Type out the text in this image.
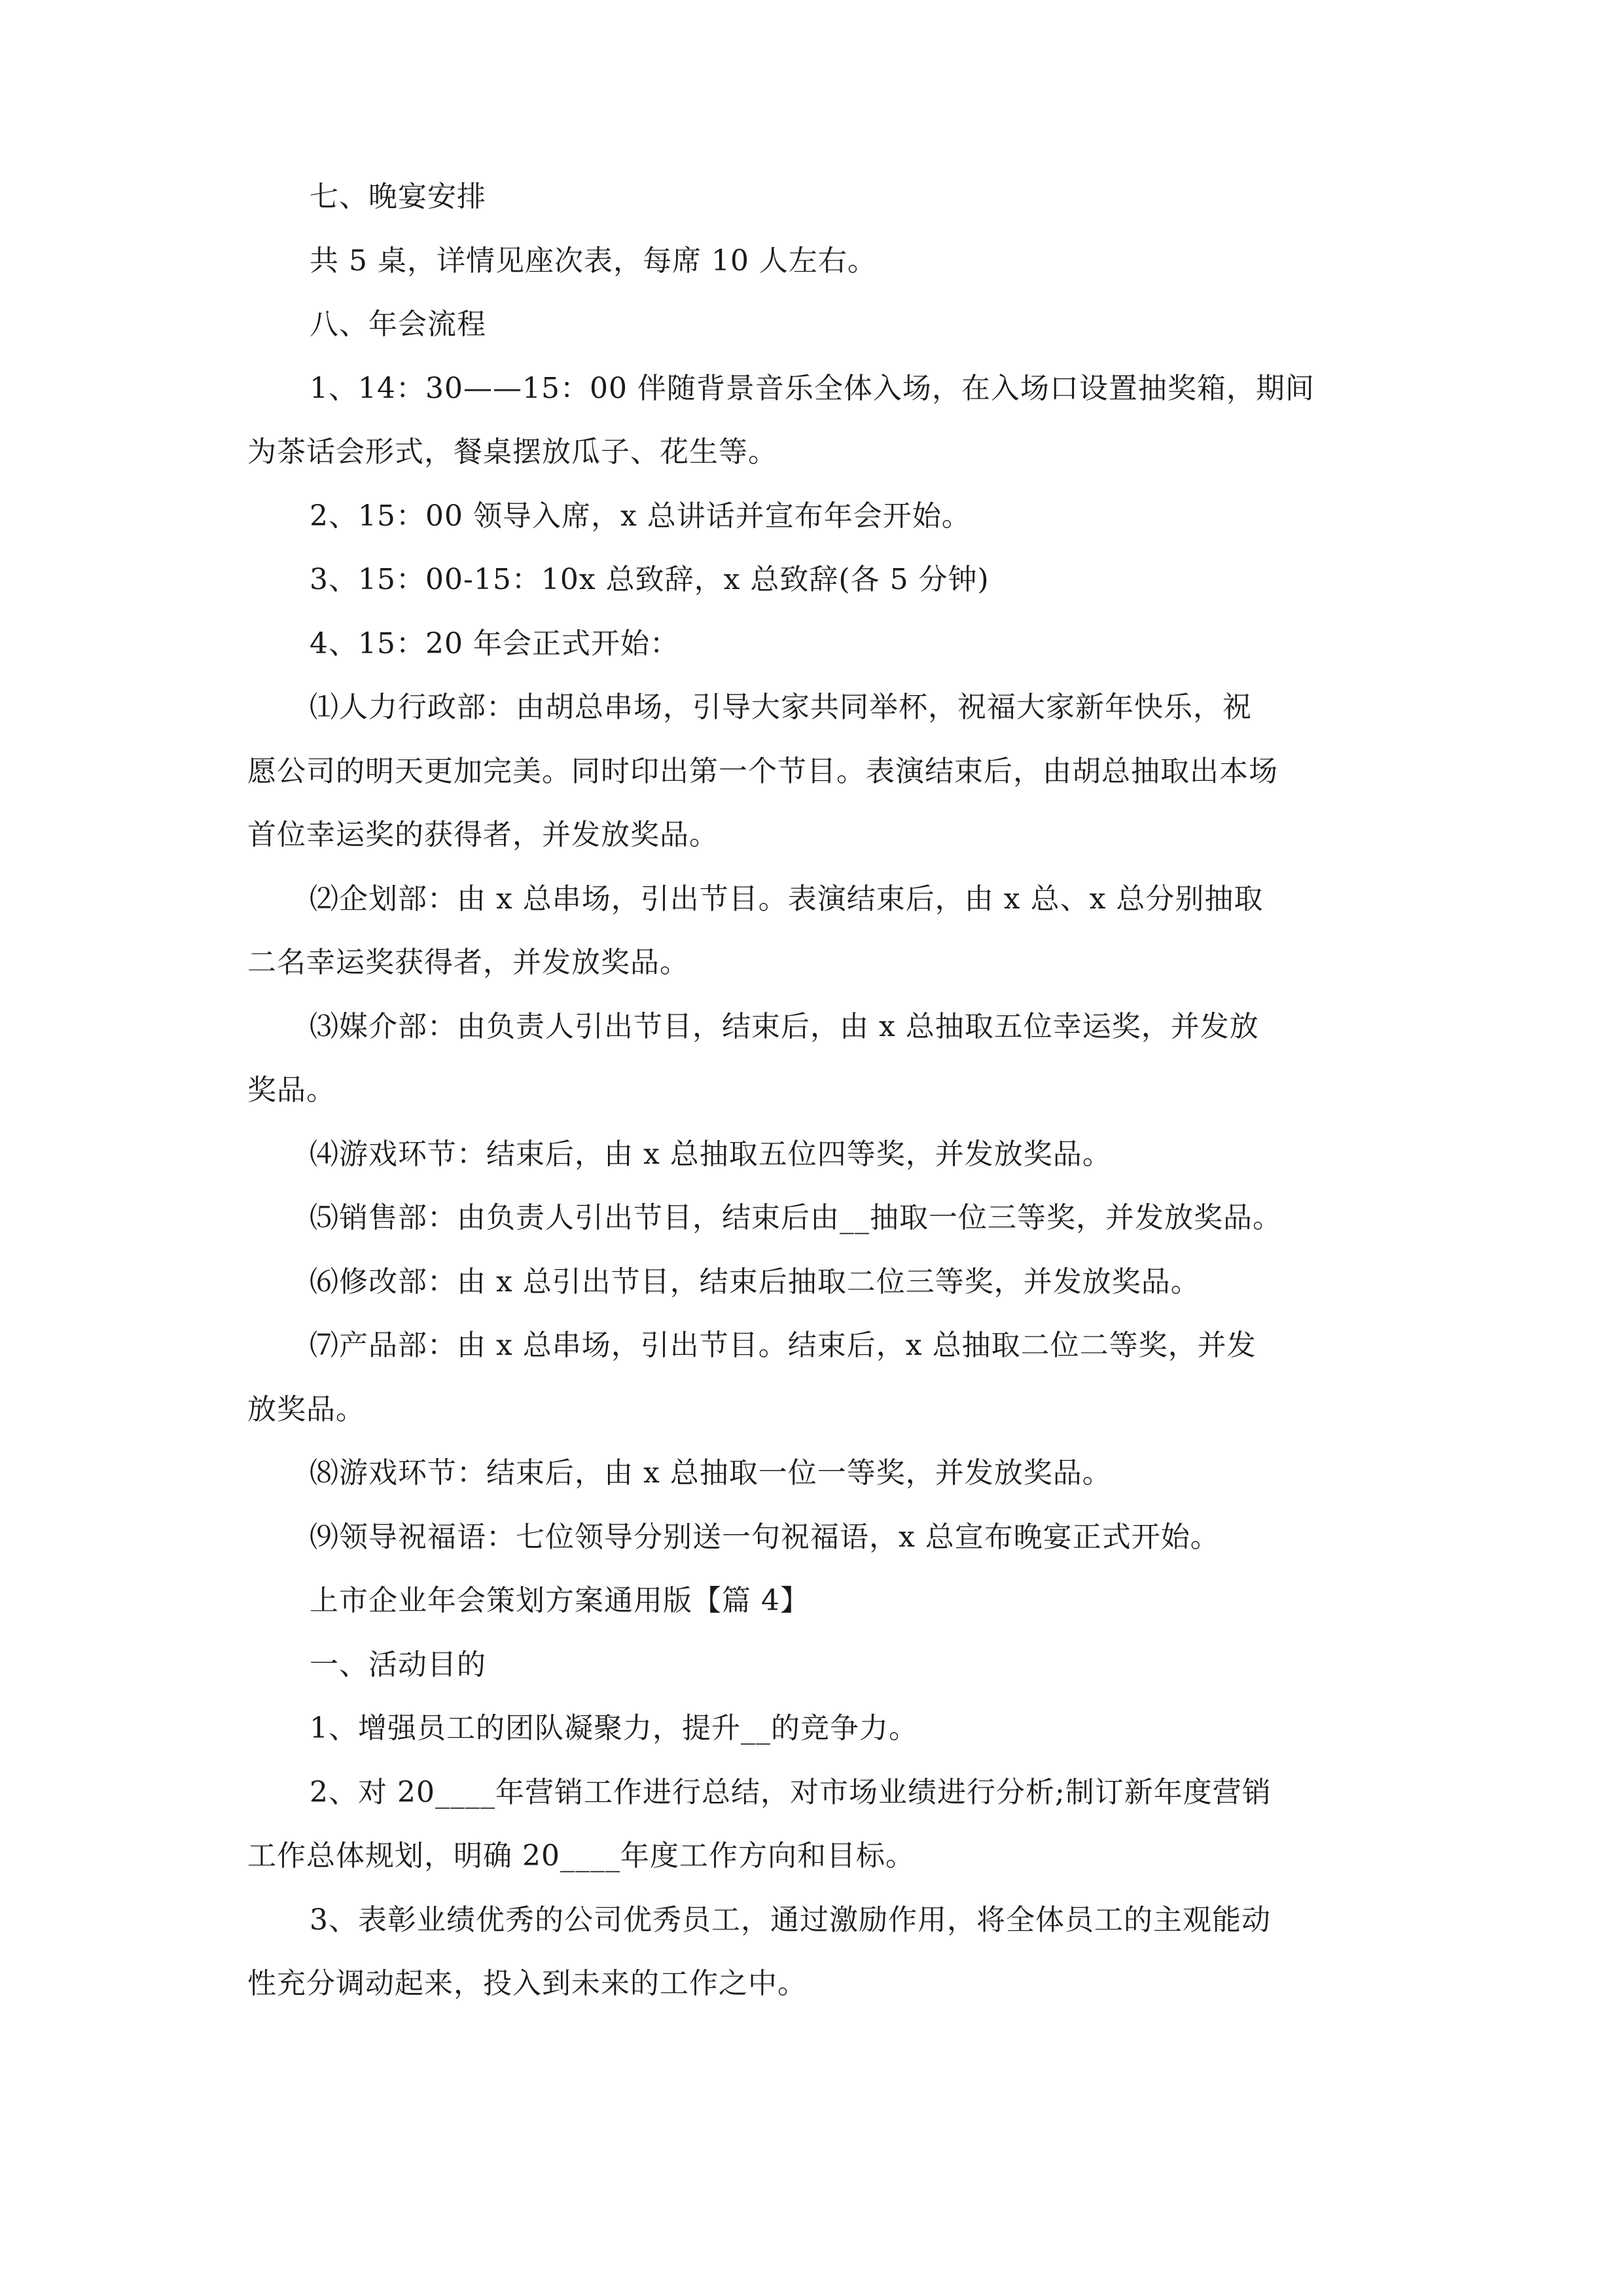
七、晚宴安排
共 5 桌，详情见座次表，每席 10 人左右。
八、年会流程
1、14：30——15：00 伴随背景音乐全体入场，在入场口设置抽奖箱，期间
为茶话会形式，餐桌摆放瓜子、花生等。
2、15：00 领导入席，x 总讲话并宣布年会开始。
3、15：00-15：10x 总致辞，x 总致辞(各 5 分钟)
4、15：20 年会正式开始：
⑴人力行政部：由胡总串场，引导大家共同举杯，祝福大家新年快乐，祝
愿公司的明天更加完美。同时印出第一个节目。表演结束后，由胡总抽取出本场
首位幸运奖的获得者，并发放奖品。
⑵企划部：由 x 总串场，引出节目。表演结束后，由 x 总、x 总分别抽取
二名幸运奖获得者，并发放奖品。
⑶媒介部：由负责人引出节目，结束后，由 x 总抽取五位幸运奖，并发放
奖品。
⑷游戏环节：结束后，由 x 总抽取五位四等奖，并发放奖品。
⑸销售部：由负责人引出节目，结束后由__抽取一位三等奖，并发放奖品。
⑹修改部：由 x 总引出节目，结束后抽取二位三等奖，并发放奖品。
⑺产品部：由 x 总串场，引出节目。结束后，x 总抽取二位二等奖，并发
放奖品。
⑻游戏环节：结束后，由 x 总抽取一位一等奖，并发放奖品。
⑼领导祝福语：七位领导分别送一句祝福语，x 总宣布晚宴正式开始。
上市企业年会策划方案通用版【篇 4】
一、活动目的
1、增强员工的团队凝聚力，提升__的竞争力。
2、对 20____年营销工作进行总结，对市场业绩进行分析;制订新年度营销
工作总体规划，明确 20____年度工作方向和目标。
3、表彰业绩优秀的公司优秀员工，通过激励作用，将全体员工的主观能动
性充分调动起来，投入到未来的工作之中。
